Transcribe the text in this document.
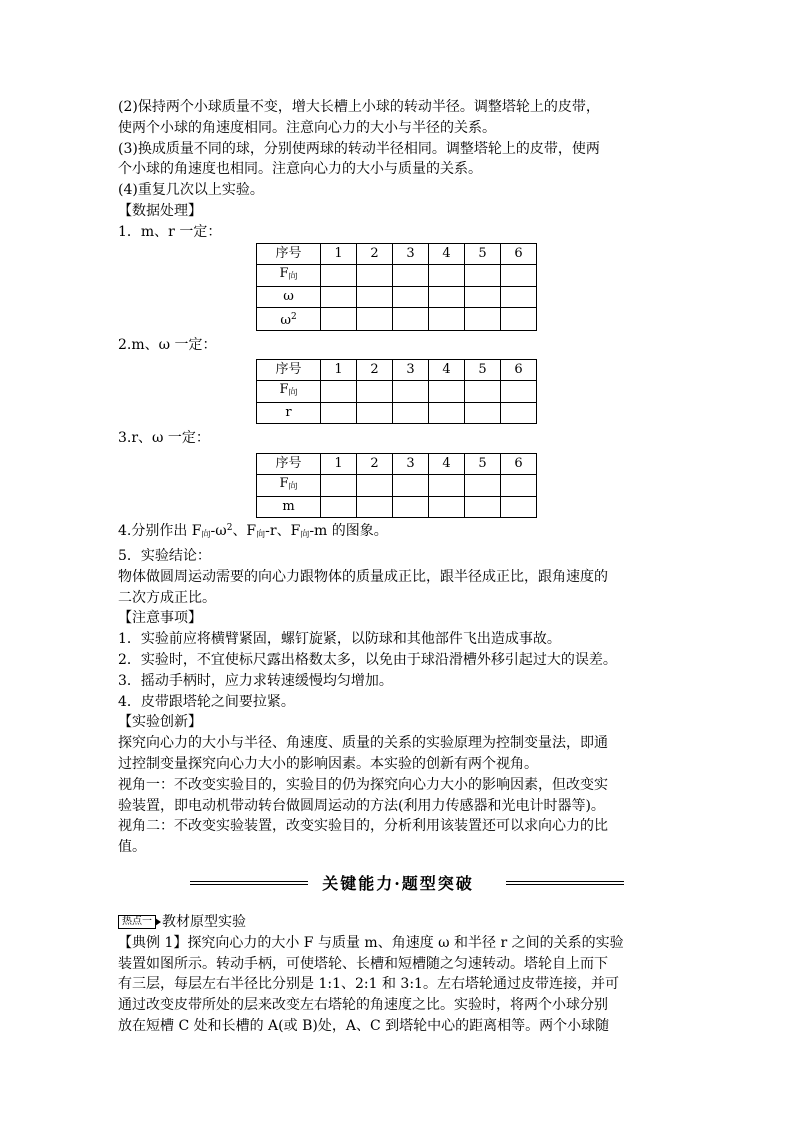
(2)保持两个小球质量不变，增大长槽上小球的转动半径。调整塔轮上的皮带，
使两个小球的角速度相同。注意向心力的大小与半径的关系。
(3)换成质量不同的球，分别使两球的转动半径相同。调整塔轮上的皮带，使两
个小球的角速度也相同。注意向心力的大小与质量的关系。
(4)重复几次以上实验。
【数据处理】
1．m、r 一定：
序号	1	2	3	4	5	6
$F_向$						
ω						
$\omega^2$						
2.m、ω 一定：
序号	1	2	3	4	5	6
$F_向$						
r						
3.r、ω 一定：
序号	1	2	3	4	5	6
$F_向$						
m						
4.分别作出 $F_向-\omega^2$、$F_向-r$、$F_向-m$ 的图象。
5．实验结论：
物体做圆周运动需要的向心力跟物体的质量成正比，跟半径成正比，跟角速度的
二次方成正比。
【注意事项】
1．实验前应将横臂紧固，螺钉旋紧，以防球和其他部件飞出造成事故。
2．实验时，不宜使标尺露出格数太多，以免由于球沿滑槽外移引起过大的误差。
3．摇动手柄时，应力求转速缓慢均匀增加。
4．皮带跟塔轮之间要拉紧。
【实验创新】
探究向心力的大小与半径、角速度、质量的关系的实验原理为控制变量法，即通
过控制变量探究向心力大小的影响因素。本实验的创新有两个视角。
视角一：不改变实验目的，实验目的仍为探究向心力大小的影响因素，但改变实
验装置，即电动机带动转台做圆周运动的方法(利用力传感器和光电计时器等)。
视角二：不改变实验装置，改变实验目的，分析利用该装置还可以求向心力的比
值。
关键能力·题型突破
热点一 教材原型实验
【典例 1】探究向心力的大小 F 与质量 m、角速度 ω 和半径 r 之间的关系的实验
装置如图所示。转动手柄，可使塔轮、长槽和短槽随之匀速转动。塔轮自上而下
有三层，每层左右半径比分别是 1:1、2:1 和 3:1。左右塔轮通过皮带连接，并可
通过改变皮带所处的层来改变左右塔轮的角速度之比。实验时，将两个小球分别
放在短槽 C 处和长槽的 A(或 B)处，A、C 到塔轮中心的距离相等。两个小球随
